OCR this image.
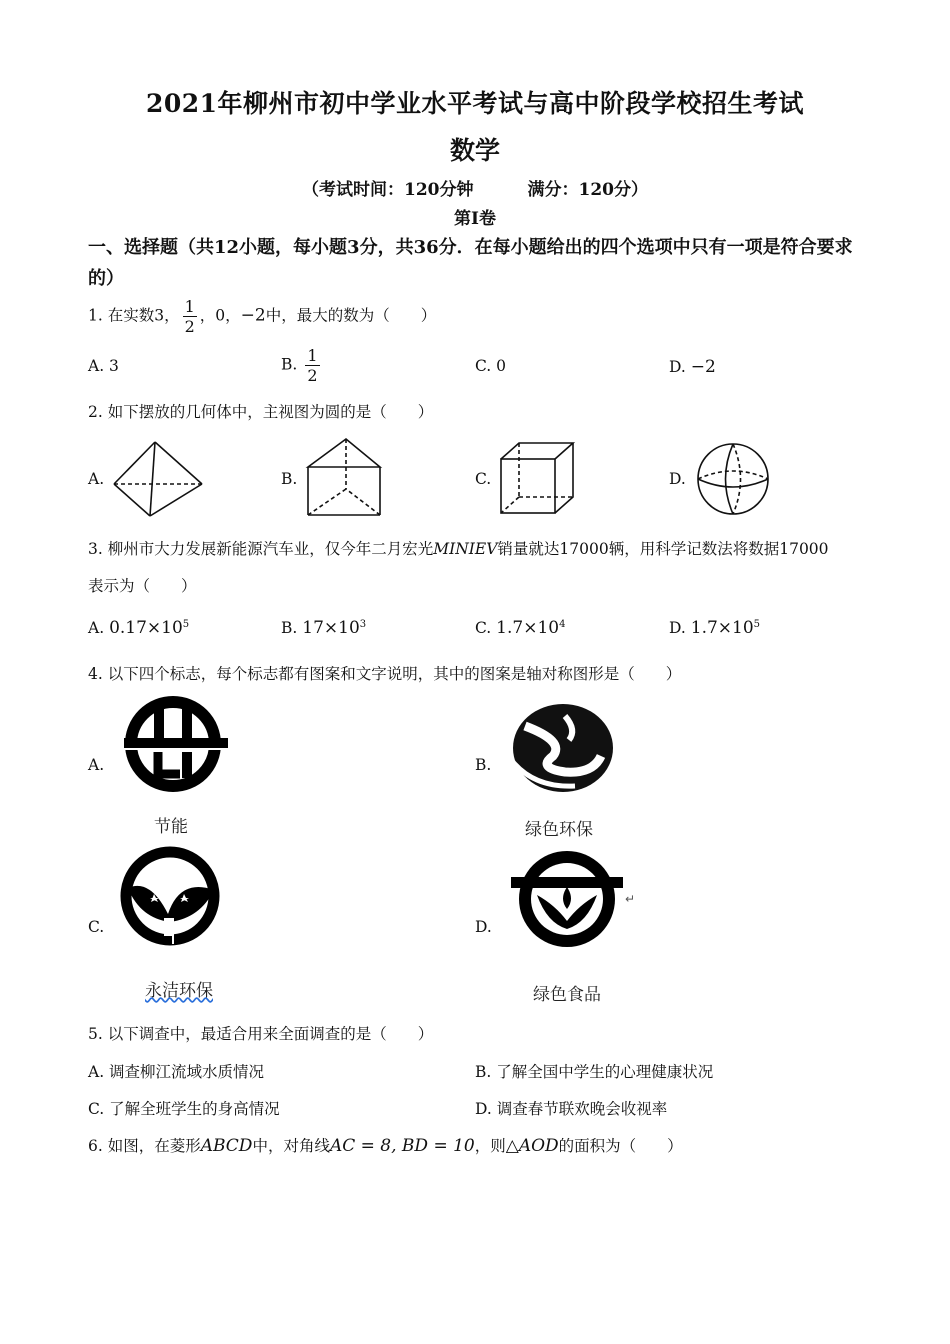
2021年柳州市初中学业水平考试与高中阶段学校招生考试
数学
（考试时间：120分钟	满分：120分）
第Ⅰ卷
一、选择题（共12小题，每小题3分，共36分．在每小题给出的四个选项中只有一项是符合要求的）
1. 在实数3， $\frac{1}{2}$ ，0，−2中，最大的数为（　　）
A. 3	B. $\frac{1}{2}$	C. 0	D. −2
2. 如下摆放的几何体中，主视图为圆的是（　　）
A.	B.	C.	D.
3. 柳州市大力发展新能源汽车业，仅今年二月宏光MINIEV销量就达17000辆，用科学记数法将数据17000
表示为（　　）
A. $0.17\times 10^5$	B. $17\times 10^3$	C. $1.7\times 10^4$	D. $1.7\times 10^5$
4. 以下四个标志，每个标志都有图案和文字说明，其中的图案是轴对称图形是（　　）
A.	B.
C.	D.
节能	绿色环保
永洁环保
↵
绿色食品
5. 以下调查中，最适合用来全面调查的是（　　）
A. 调查柳江流域水质情况	B. 了解全国中学生的心理健康状况
C. 了解全班学生的身高情况	D. 调查春节联欢晚会收视率
6. 如图，在菱形ABCD中，对角线AC = 8, BD = 10，则△AOD的面积为（　　）
